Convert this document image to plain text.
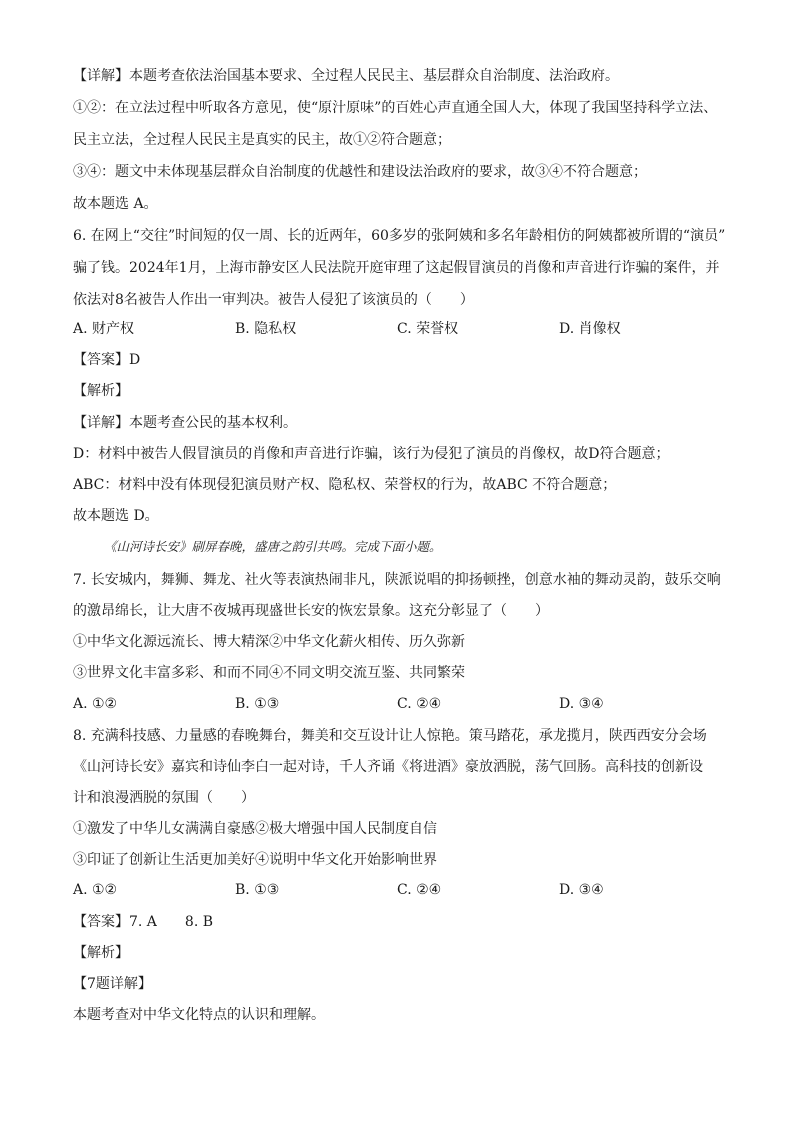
【详解】本题考查依法治国基本要求、全过程人民民主、基层群众自治制度、法治政府。
①②：在立法过程中听取各方意见，使“原汁原味”的百姓心声直通全国人大，体现了我国坚持科学立法、
民主立法，全过程人民民主是真实的民主，故①②符合题意；
③④：题文中未体现基层群众自治制度的优越性和建设法治政府的要求，故③④不符合题意；
故本题选 A。
6. 在网上“交往”时间短的仅一周、长的近两年，60多岁的张阿姨和多名年龄相仿的阿姨都被所谓的“演员”
骗了钱。2024年1月，上海市静安区人民法院开庭审理了这起假冒演员的肖像和声音进行诈骗的案件，并
依法对8名被告人作出一审判决。被告人侵犯了该演员的（　　）
A. 财产权	B. 隐私权	C. 荣誉权	D. 肖像权
【答案】D
【解析】
【详解】本题考查公民的基本权利。
D：材料中被告人假冒演员的肖像和声音进行诈骗，该行为侵犯了演员的肖像权，故D符合题意；
ABC：材料中没有体现侵犯演员财产权、隐私权、荣誉权的行为，故ABC 不符合题意；
故本题选 D。
《山河诗长安》刷屏春晚，盛唐之韵引共鸣。完成下面小题。
7. 长安城内，舞狮、舞龙、社火等表演热闹非凡，陕派说唱的抑扬顿挫，创意水袖的舞动灵韵，鼓乐交响
的激昂绵长，让大唐不夜城再现盛世长安的恢宏景象。这充分彰显了（　　）
①中华文化源远流长、博大精深②中华文化薪火相传、历久弥新
③世界文化丰富多彩、和而不同④不同文明交流互鉴、共同繁荣
A. ①②	B. ①③	C. ②④	D. ③④
8. 充满科技感、力量感的春晚舞台，舞美和交互设计让人惊艳。策马踏花，承龙揽月，陕西西安分会场
《山河诗长安》嘉宾和诗仙李白一起对诗，千人齐诵《将进酒》豪放洒脱，荡气回肠。高科技的创新设
计和浪漫洒脱的氛围（　　）
①激发了中华儿女满满自豪感②极大增强中国人民制度自信
③印证了创新让生活更加美好④说明中华文化开始影响世界
A. ①②	B. ①③	C. ②④	D. ③④
【答案】7. A　　8. B
【解析】
【7题详解】
本题考查对中华文化特点的认识和理解。
